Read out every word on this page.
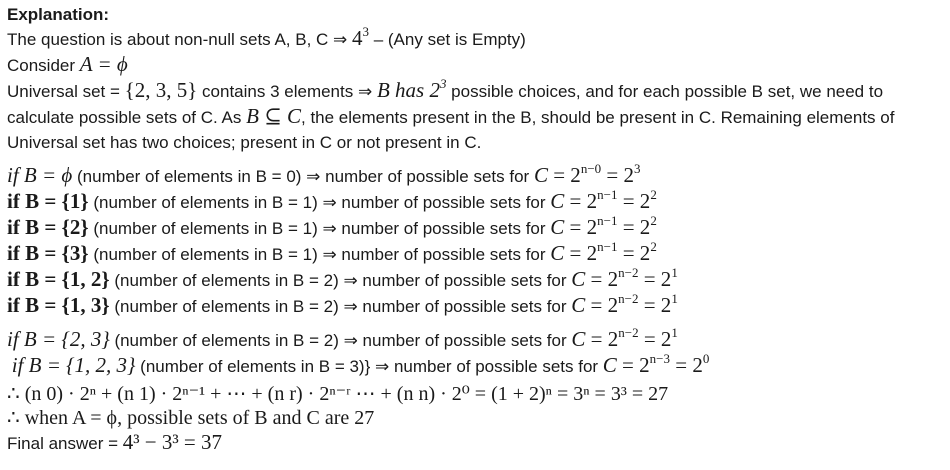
Explanation:
The question is about non-null sets A, B, C ⇒ $4^3 - (Any$ set is Empty)
Consider A = ϕ
Universal set = {2, 3, 5} contains 3 elements ⇒ B has $2^3$ possible choices, and for each possible B set, we need to
calculate possible sets of C. As B ⊆ C, the elements present in the B, should be present in C. Remaining elements of
Universal set has two choices; present in C or not present in C.
if B = ϕ (number of elements in B = 0) ⇒ number of possible sets for $C = 2^{n-0} = 2^3$
if B = {1} (number of elements in B = 1) ⇒ number of possible sets for $C = 2^{n-1} = 2^2$
if B = {2} (number of elements in B = 1) ⇒ number of possible sets for $C = 2^{n-1} = 2^2$
if B = {3} (number of elements in B = 1) ⇒ number of possible sets for $C = 2^{n-1} = 2^2$
if B = {1, 2} (number of elements in B = 2) ⇒ number of possible sets for $C = 2^{n-2} = 2^1$
if B = {1, 3} (number of elements in B = 2) ⇒ number of possible sets for $C = 2^{n-2} = 2^1$
if B = {2, 3} (number of elements in B = 2) ⇒ number of possible sets for $C = 2^{n-2} = 2^1$
if B = {1, 2, 3} (number of elements in B = 3)} ⇒ number of possible sets for $C = 2^{n-3} = 2^0$
∴ (n 0) · 2ⁿ + (n 1) · 2ⁿ⁻¹ + ⋯ + (n r) · 2ⁿ⁻ʳ ⋯ + (n n) · 2⁰ = (1 + 2)ⁿ = 3ⁿ = 3³ = 27
∴ when A = ϕ, possible sets of B and C are 27
Final answer = 4³ − 3³ = 37
